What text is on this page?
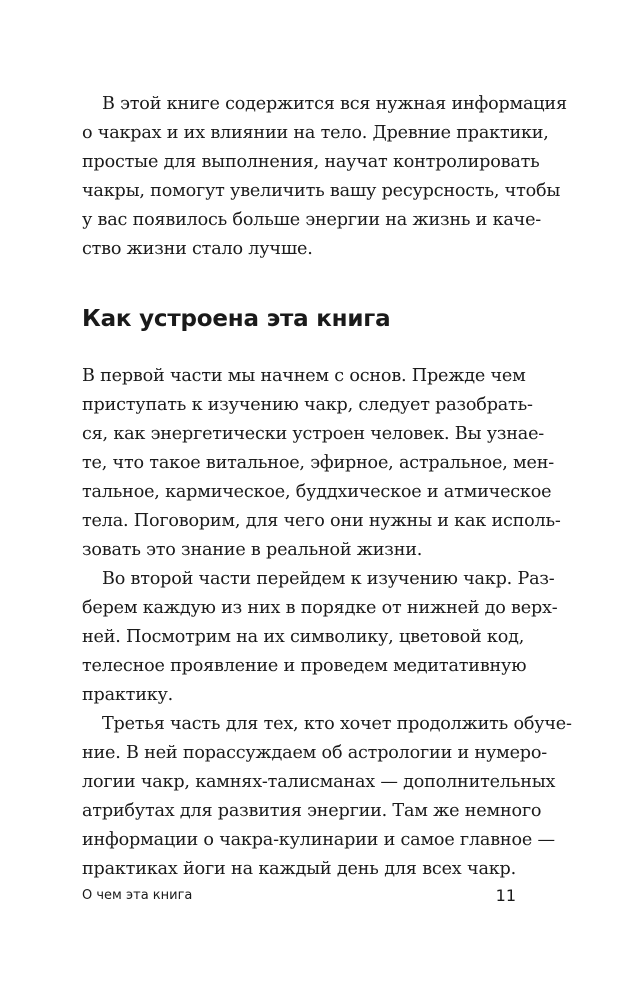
В этой книге содержится вся нужная информация
о чакрах и их влиянии на тело. Древние практики,
простые для выполнения, научат контролировать
чакры, помогут увеличить вашу ресурсность, чтобы
у вас появилось больше энергии на жизнь и каче-
ство жизни стало лучше.
Как устроена эта книга
В первой части мы начнем с основ. Прежде чем
приступать к изучению чакр, следует разобрать-
ся, как энергетически устроен человек. Вы узнае-
те, что такое витальное, эфирное, астральное, мен-
тальное, кармическое, буддхическое и атмическое
тела. Поговорим, для чего они нужны и как исполь-
зовать это знание в реальной жизни.
Во второй части перейдем к изучению чакр. Раз-
берем каждую из них в порядке от нижней до верх-
ней. Посмотрим на их символику, цветовой код,
телесное проявление и проведем медитативную
практику.
Третья часть для тех, кто хочет продолжить обуче-
ние. В ней порассуждаем об астрологии и нумеро-
логии чакр, камнях-талисманах — дополнительных
атрибутах для развития энергии. Там же немного
информации о чакра-кулинарии и самое главное —
практиках йоги на каждый день для всех чакр.
О чем эта книга	11
